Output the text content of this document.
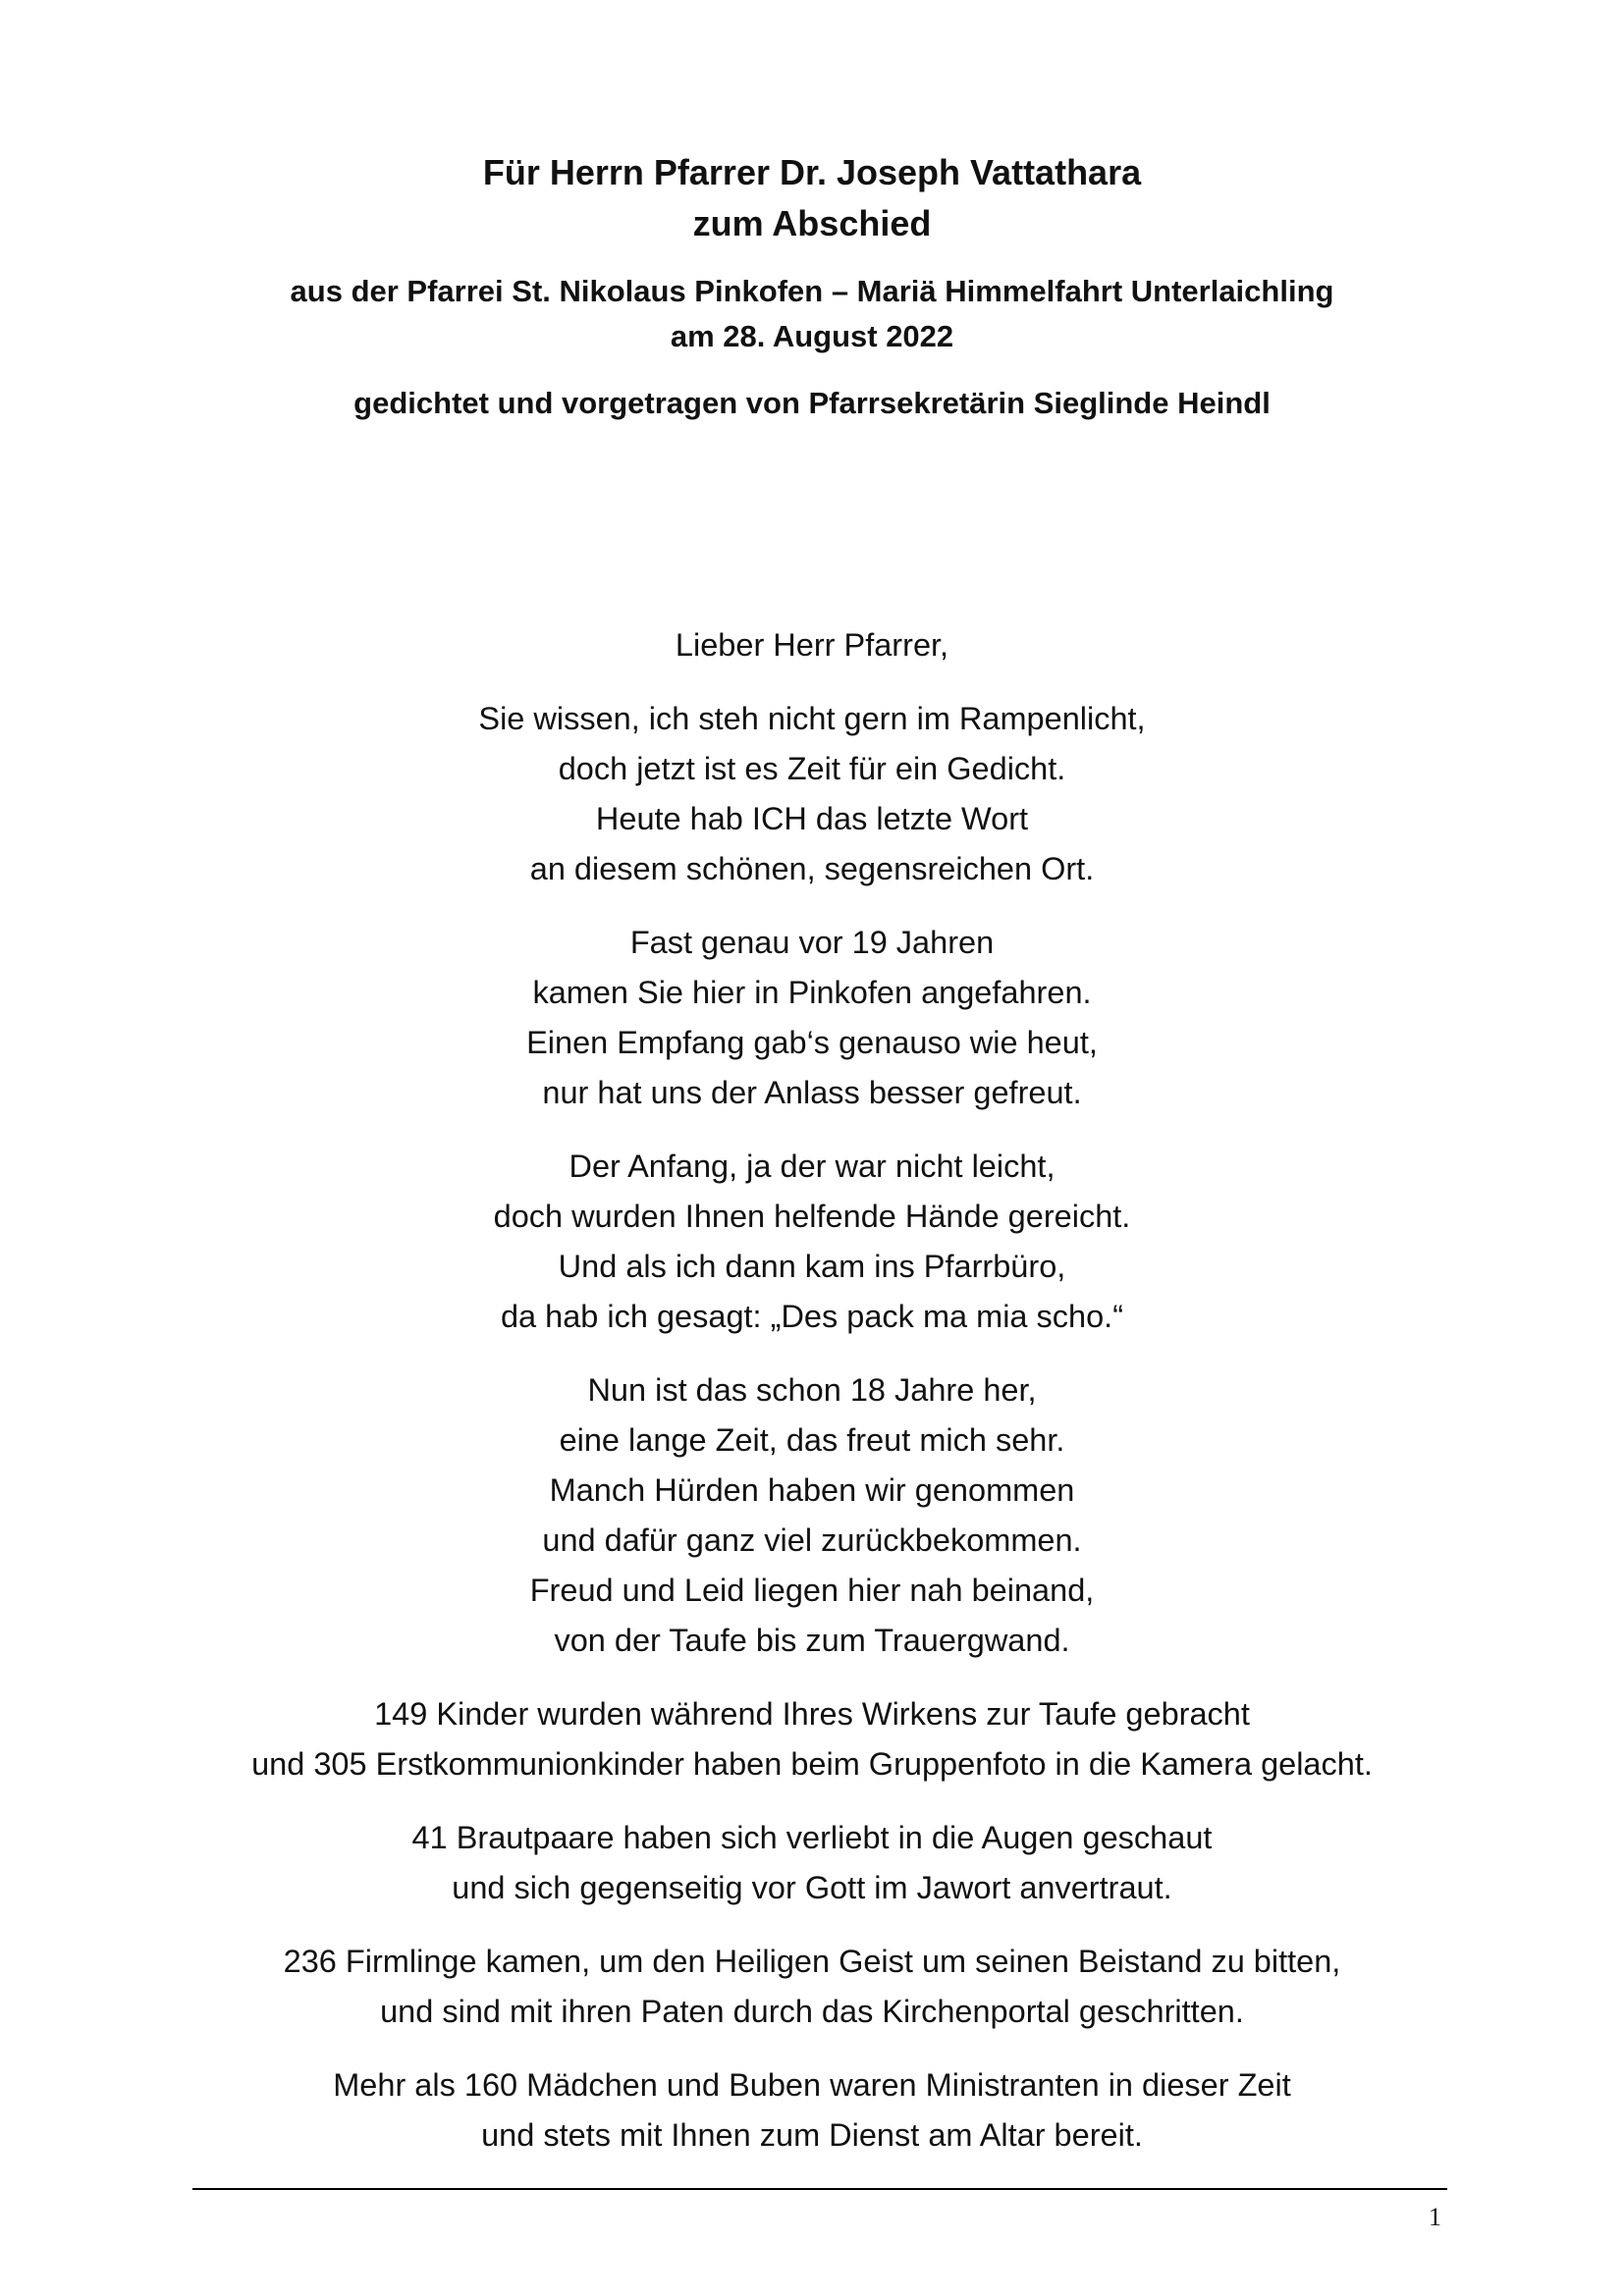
Für Herrn Pfarrer Dr. Joseph Vattathara

zum Abschied

aus der Pfarrei St. Nikolaus Pinkofen – Mariä Himmelfahrt Unterlaichling

am 28. August 2022

gedichtet und vorgetragen von Pfarrsekretärin Sieglinde Heindl

Lieber Herr Pfarrer,

Sie wissen, ich steh nicht gern im Rampenlicht,
doch jetzt ist es Zeit für ein Gedicht.
Heute hab ICH das letzte Wort
an diesem schönen, segensreichen Ort.

Fast genau vor 19 Jahren
kamen Sie hier in Pinkofen angefahren.
Einen Empfang gab‘s genauso wie heut,
nur hat uns der Anlass besser gefreut.

Der Anfang, ja der war nicht leicht,
doch wurden Ihnen helfende Hände gereicht.
Und als ich dann kam ins Pfarrbüro,
da hab ich gesagt: „Des pack ma mia scho.“

Nun ist das schon 18 Jahre her,
eine lange Zeit, das freut mich sehr.
Manch Hürden haben wir genommen
und dafür ganz viel zurückbekommen.
Freud und Leid liegen hier nah beinand,
von der Taufe bis zum Trauergwand.

149 Kinder wurden während Ihres Wirkens zur Taufe gebracht
und 305 Erstkommunionkinder haben beim Gruppenfoto in die Kamera gelacht.

41 Brautpaare haben sich verliebt in die Augen geschaut
und sich gegenseitig vor Gott im Jawort anvertraut.

236 Firmlinge kamen, um den Heiligen Geist um seinen Beistand zu bitten,
und sind mit ihren Paten durch das Kirchenportal geschritten.

Mehr als 160 Mädchen und Buben waren Ministranten in dieser Zeit
und stets mit Ihnen zum Dienst am Altar bereit.

1
